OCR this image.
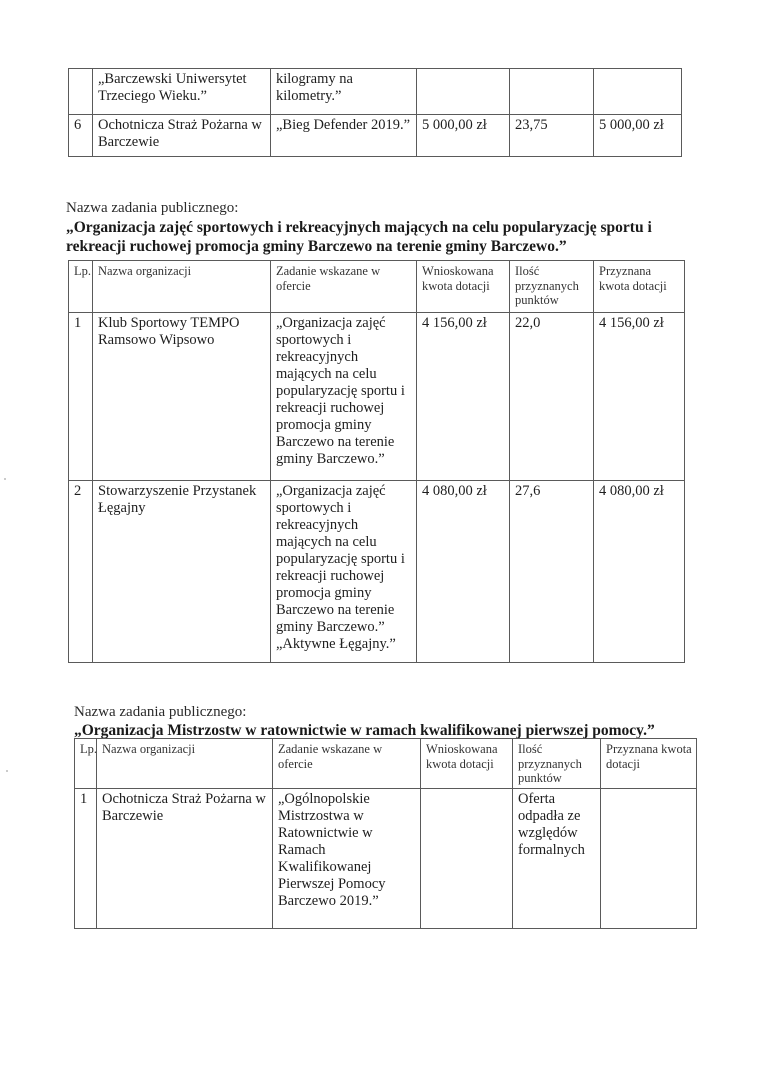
	„Barczewski Uniwersytet Trzeciego Wieku.”	kilogramy na kilometry.”			
6	Ochotnicza Straż Pożarna w Barczewie	„Bieg Defender 2019.”	5 000,00 zł	23,75	5 000,00 zł
Nazwa zadania publicznego:
„Organizacja zajęć sportowych i rekreacyjnych mających na celu popularyzację sportu i rekreacji ruchowej promocja gminy Barczewo na terenie gminy Barczewo.”
Lp.	Nazwa organizacji	Zadanie wskazane w ofercie	Wnioskowana kwota dotacji	Ilość przyznanych punktów	Przyznana kwota dotacji
1	Klub Sportowy TEMPO Ramsowo Wipsowo	„Organizacja zajęć sportowych i rekreacyjnych mających na celu popularyzację sportu i rekreacji ruchowej promocja gminy Barczewo na terenie gminy Barczewo.”	4 156,00 zł	22,0	4 156,00 zł
2	Stowarzyszenie Przystanek Łęgajny	„Organizacja zajęć sportowych i rekreacyjnych mających na celu popularyzację sportu i rekreacji ruchowej promocja gminy Barczewo na terenie gminy Barczewo.” „Aktywne Łęgajny.”	4 080,00 zł	27,6	4 080,00 zł
Nazwa zadania publicznego:
„Organizacja Mistrzostw w ratownictwie w ramach kwalifikowanej pierwszej pomocy.”
Lp.	Nazwa organizacji	Zadanie wskazane w ofercie	Wnioskowana kwota dotacji	Ilość przyznanych punktów	Przyznana kwota dotacji
1	Ochotnicza Straż Pożarna w Barczewie	„Ogólnopolskie Mistrzostwa w Ratownictwie w Ramach Kwalifikowanej Pierwszej Pomocy Barczewo 2019.”		Oferta odpadła ze względów formalnych	
